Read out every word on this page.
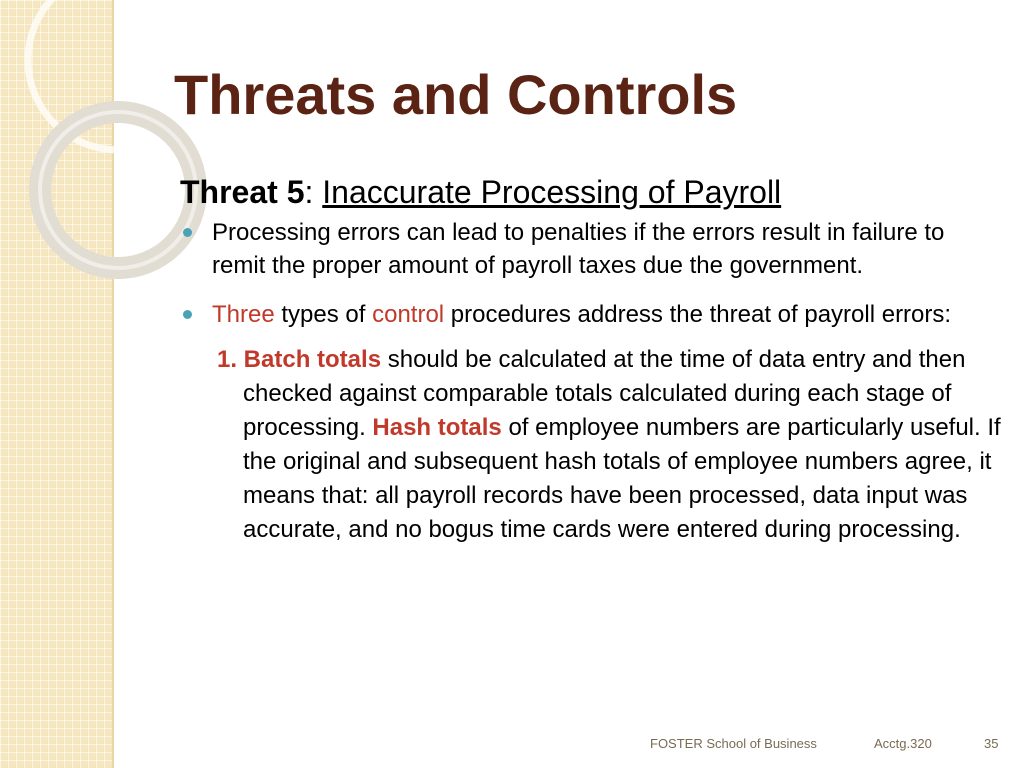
Threats and Controls

Threat 5: Inaccurate Processing of Payroll

Processing errors can lead to penalties if the errors result in failure to remit the proper amount of payroll taxes due the government.
Three types of control procedures address the threat of payroll errors:
1. Batch totals should be calculated at the time of data entry and then checked against comparable totals calculated during each stage of processing. Hash totals of employee numbers are particularly useful. If the original and subsequent hash totals of employee numbers agree, it means that: all payroll records have been processed, data input was accurate, and no bogus time cards were entered during processing.
FOSTER School of Business	Acctg.320	35
